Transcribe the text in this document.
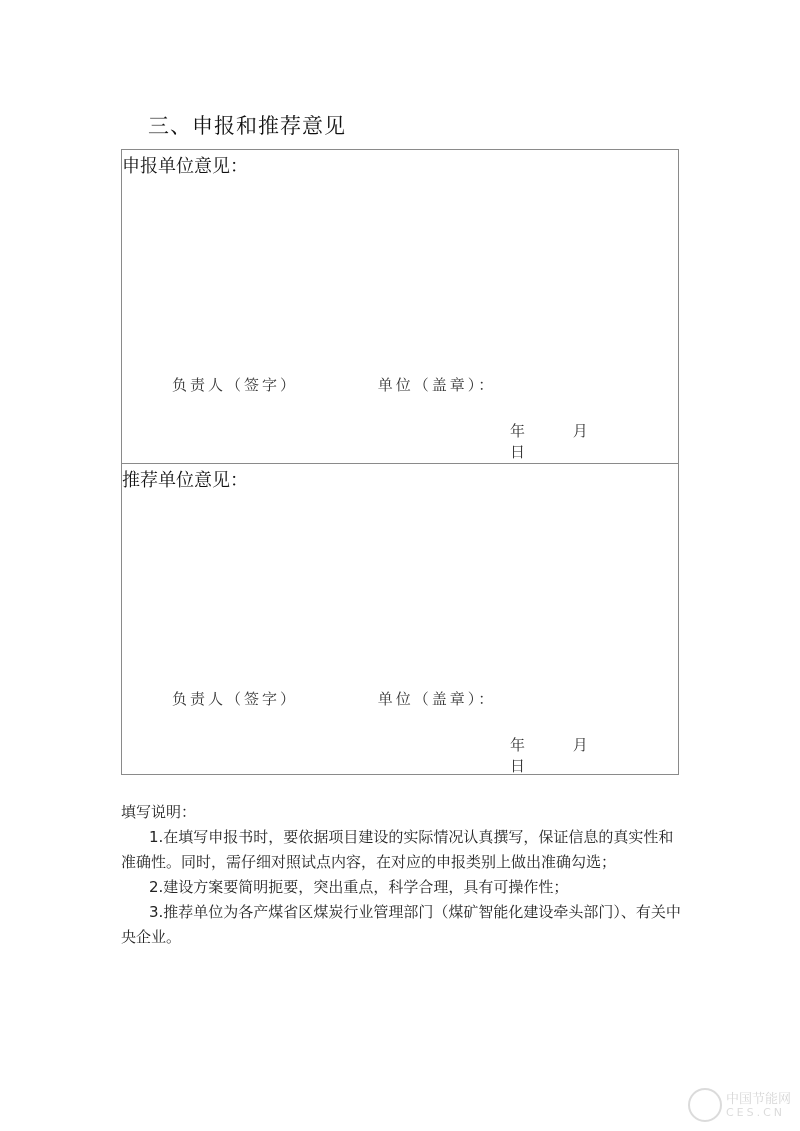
三、申报和推荐意见
申报单位意见：
负责人（签字）	单位（盖章）：
年	月 日
推荐单位意见：
负责人（签字）	单位（盖章）：
年	月 日

填写说明：

1.在填写申报书时，要依据项目建设的实际情况认真撰写，保证信息的真实性和准确性。同时，需仔细对照试点内容，在对应的申报类别上做出准确勾选；

2.建设方案要简明扼要，突出重点，科学合理，具有可操作性；

3.推荐单位为各产煤省区煤炭行业管理部门（煤矿智能化建设牵头部门）、有关中央企业。

中国节能网
CES.CN
